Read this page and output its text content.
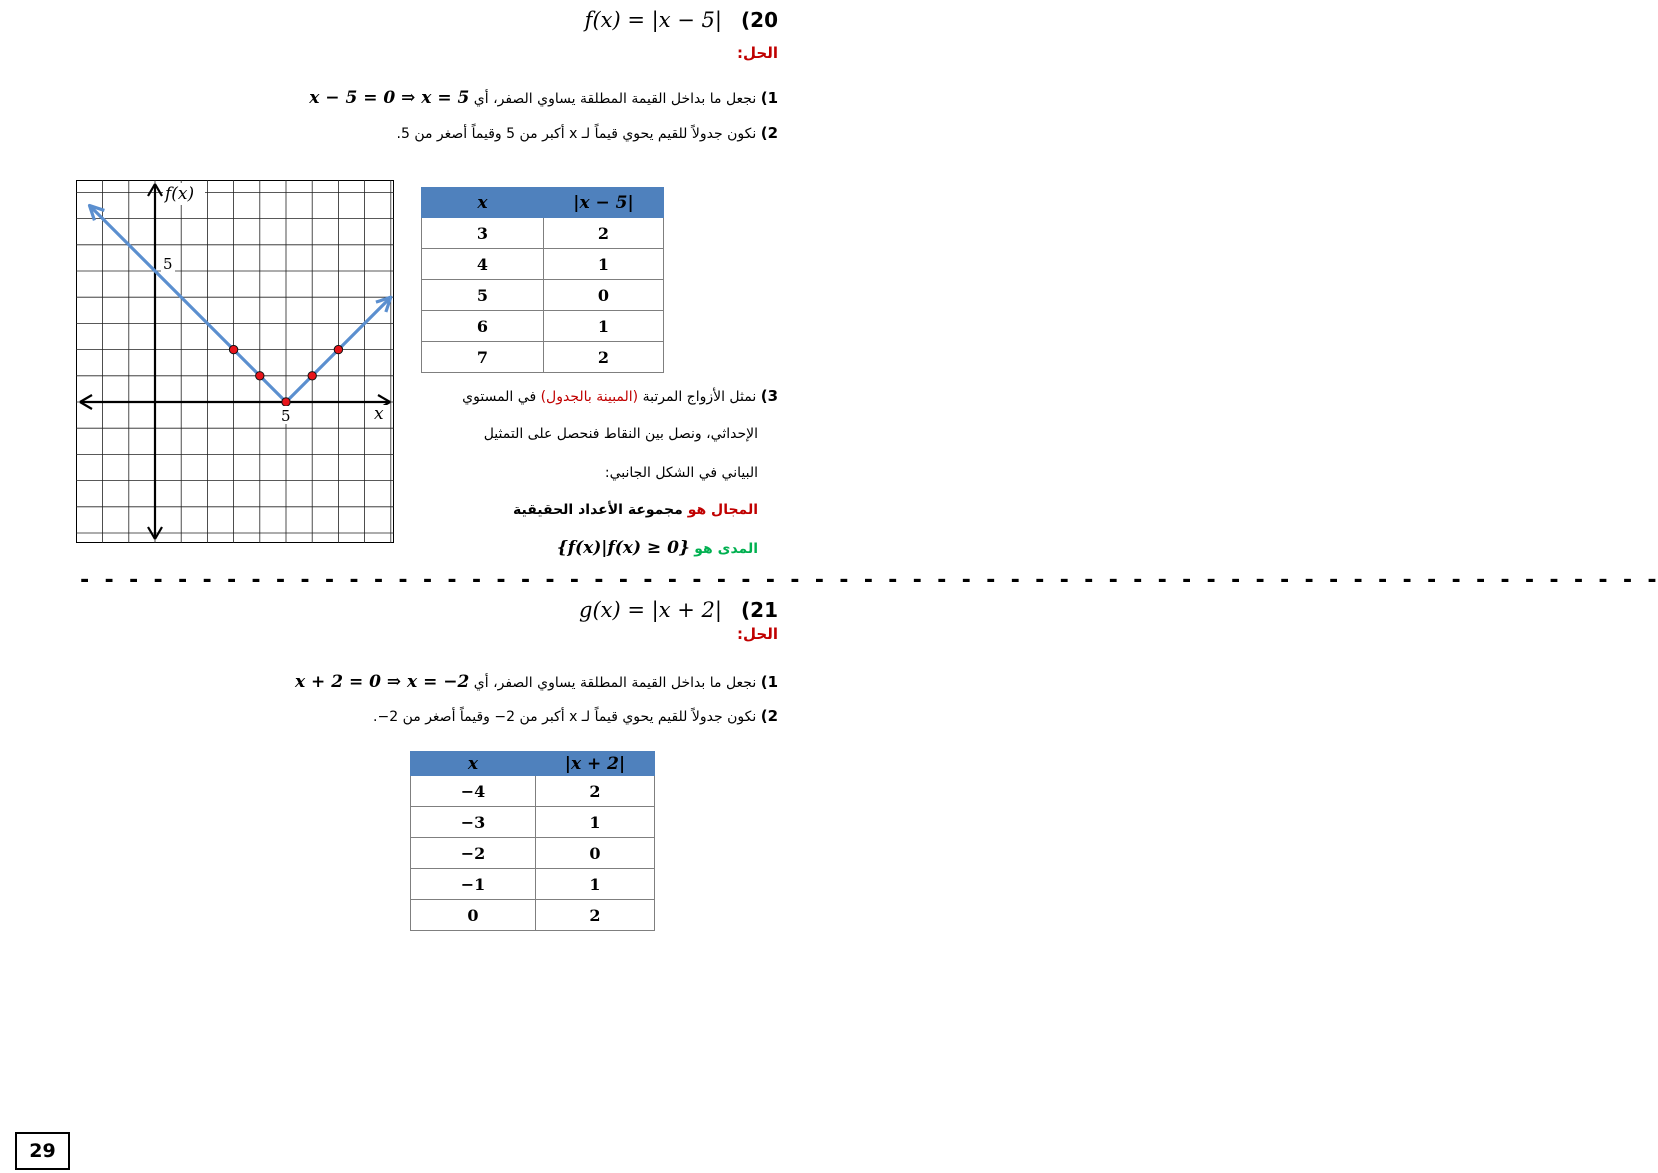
f(x) = |x − 5| (20
الحل:
1) نجعل ما بداخل القيمة المطلقة يساوي الصفر، أي x − 5 = 0 ⇒ x = 5
2) نكون جدولاً للقيم يحوي قيماً لـ x أكبر من 5 وقيماً أصغر من 5.
5
5
f(x)
x
x	|x − 5|
3	2
4	1
5	0
6	1
7	2
3) نمثل الأزواج المرتبة (المبينة بالجدول) في المستوي
الإحداثي، ونصل بين النقاط فنحصل على التمثيل
البياني في الشكل الجانبي:
المجال هو مجموعة الأعداد الحقيقية
المدى هو {f(x)|f(x) ≥ 0}
- - - - - - - - - - - - - - - - - - - - - - - - - - - - - - - - - - - - - - - - - - - - - - - - - - - - - - - - - - - - - - - - -
g(x) = |x + 2| (21
الحل:
1) نجعل ما بداخل القيمة المطلقة يساوي الصفر، أي x + 2 = 0 ⇒ x = −2
2) نكون جدولاً للقيم يحوي قيماً لـ x أكبر من 2− وقيماً أصغر من 2−.
x	|x + 2|
−4	2
−3	1
−2	0
−1	1
0	2
29
